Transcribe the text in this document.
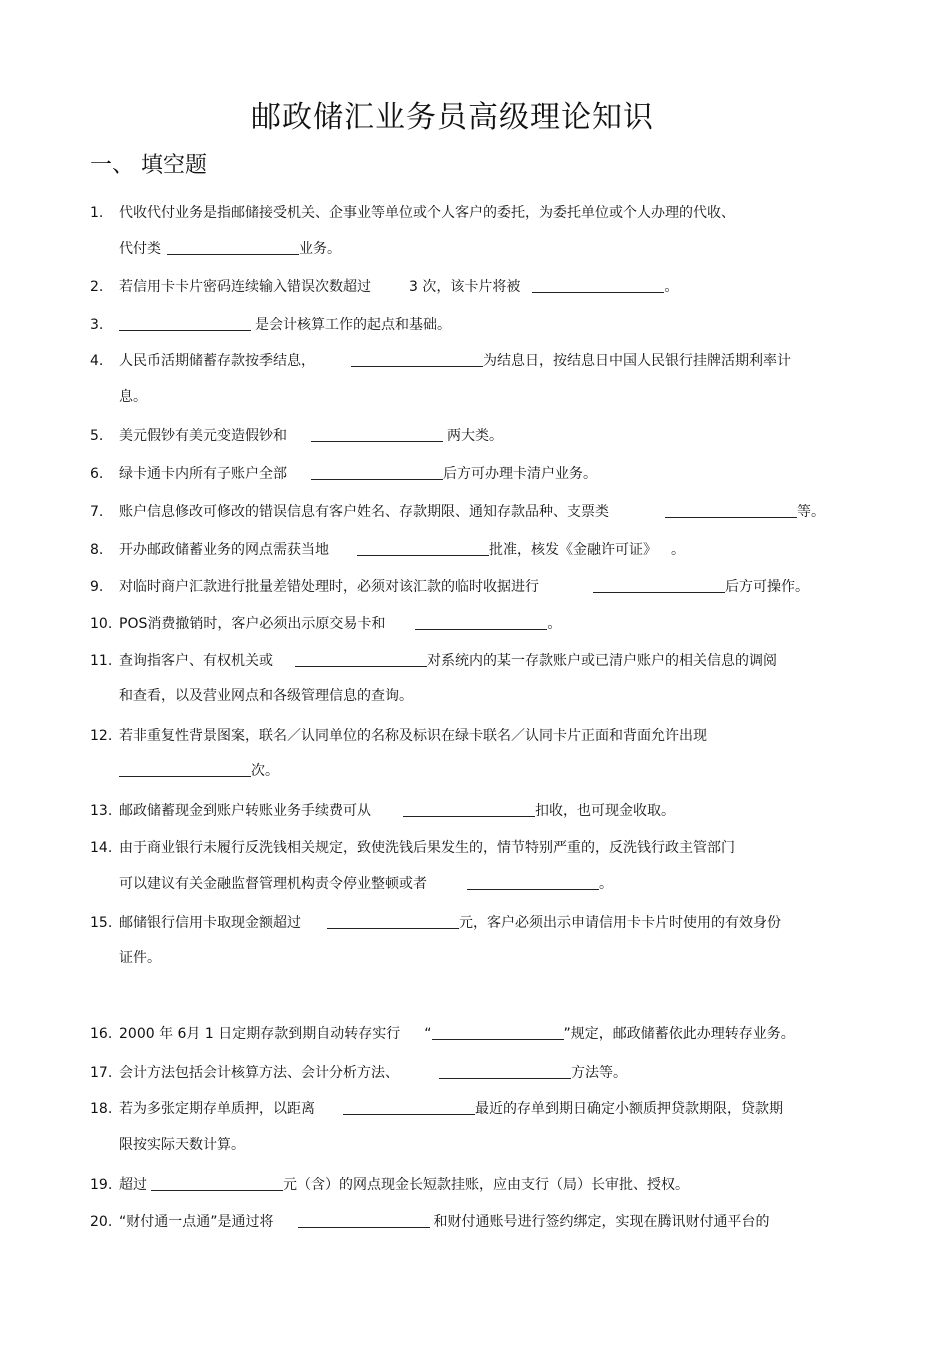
邮政储汇业务员高级理论知识
一、 填空题
1. 代收代付业务是指邮储接受机关、企事业等单位或个人客户的委托，为委托单位或个人办理的代收、
代付类	业务。
2. 若信用卡卡片密码连续输入错误次数超过	3 次，该卡片将被	。
3.	是会计核算工作的起点和基础。
4. 人民币活期储蓄存款按季结息，	为结息日，按结息日中国人民银行挂牌活期利率计
息。
5. 美元假钞有美元变造假钞和	两大类。
6. 绿卡通卡内所有子账户全部	后方可办理卡清户业务。
7. 账户信息修改可修改的错误信息有客户姓名、存款期限、通知存款品种、支票类	等。
8. 开办邮政储蓄业务的网点需获当地	批准，核发《金融许可证》 。
9. 对临时商户汇款进行批量差错处理时，必须对该汇款的临时收据进行	后方可操作。
10. POS消费撤销时，客户必须出示原交易卡和	。
11. 查询指客户、有权机关或	对系统内的某一存款账户或已清户账户的相关信息的调阅
和查看，以及营业网点和各级管理信息的查询。
12. 若非重复性背景图案，联名／认同单位的名称及标识在绿卡联名／认同卡片正面和背面允许出现
次。
13. 邮政储蓄现金到账户转账业务手续费可从	扣收，也可现金收取。
14. 由于商业银行未履行反洗钱相关规定，致使洗钱后果发生的，情节特别严重的，反洗钱行政主管部门
可以建议有关金融监督管理机构责令停业整顿或者	。
15. 邮储银行信用卡取现金额超过	元，客户必须出示申请信用卡卡片时使用的有效身份
证件。
16. 2000 年 6月 1 日定期存款到期自动转存实行 “	”规定，邮政储蓄依此办理转存业务。
17. 会计方法包括会计核算方法、会计分析方法、	方法等。
18. 若为多张定期存单质押，以距离	最近的存单到期日确定小额质押贷款期限，贷款期
限按实际天数计算。
19. 超过	元（含）的网点现金长短款挂账，应由支行（局）长审批、授权。
20. “财付通一点通”是通过将	和财付通账号进行签约绑定，实现在腾讯财付通平台的
